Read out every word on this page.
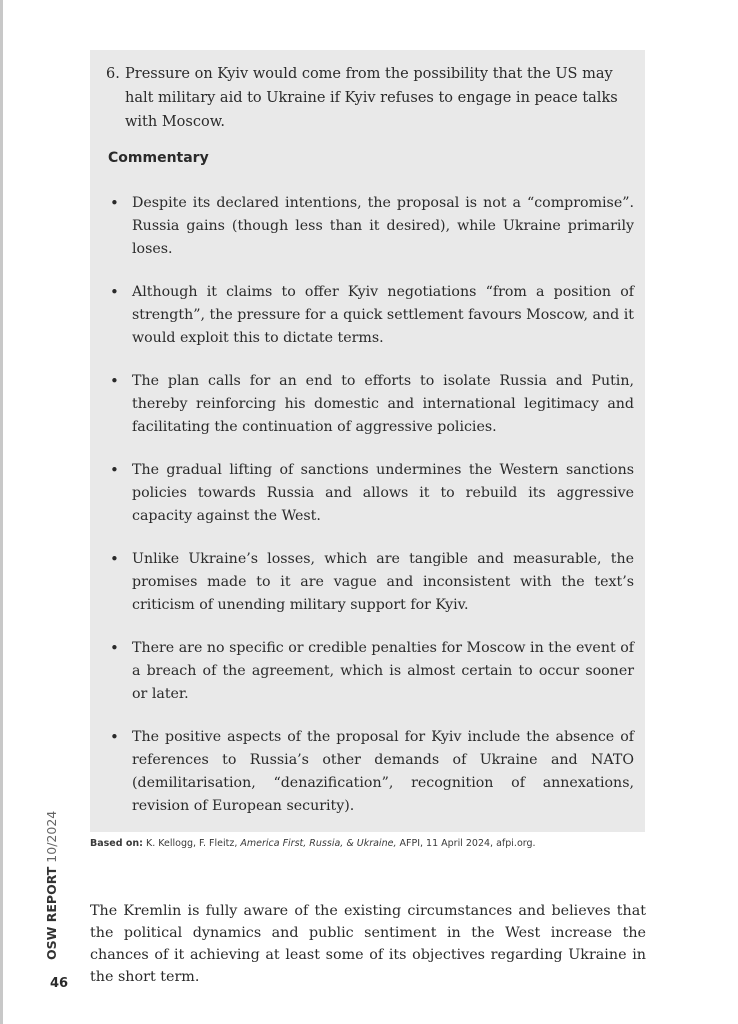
6. Pressure on Kyiv would come from the possibility that the US may halt military aid to Ukraine if Kyiv refuses to engage in peace talks with Moscow.
Commentary
• Despite its declared intentions, the proposal is not a “compromise”. Russia gains (though less than it desired), while Ukraine primarily loses.
• Although it claims to offer Kyiv negotiations “from a position of strength”, the pressure for a quick settlement favours Moscow, and it would exploit this to dictate terms.
• The plan calls for an end to efforts to isolate Russia and Putin, thereby reinforcing his domestic and international legitimacy and facilitating the continuation of aggressive policies.
• The gradual lifting of sanctions undermines the Western sanctions policies towards Russia and allows it to rebuild its aggressive capacity against the West.
• Unlike Ukraine’s losses, which are tangible and measurable, the promises made to it are vague and inconsistent with the text’s criticism of unending military support for Kyiv.
• There are no specific or credible penalties for Moscow in the event of a breach of the agreement, which is almost certain to occur sooner or later.
• The positive aspects of the proposal for Kyiv include the absence of references to Russia’s other demands of Ukraine and NATO (demilitarisation, “denazification”, recognition of annexations, revision of European security).
Based on: K. Kellogg, F. Fleitz, America First, Russia, & Ukraine, AFPI, 11 April 2024, afpi.org.

The Kremlin is fully aware of the existing circumstances and believes that the political dynamics and public sentiment in the West increase the chances of it achieving at least some of its objectives regarding Ukraine in the short term.

OSW REPORT 10/2024
46
